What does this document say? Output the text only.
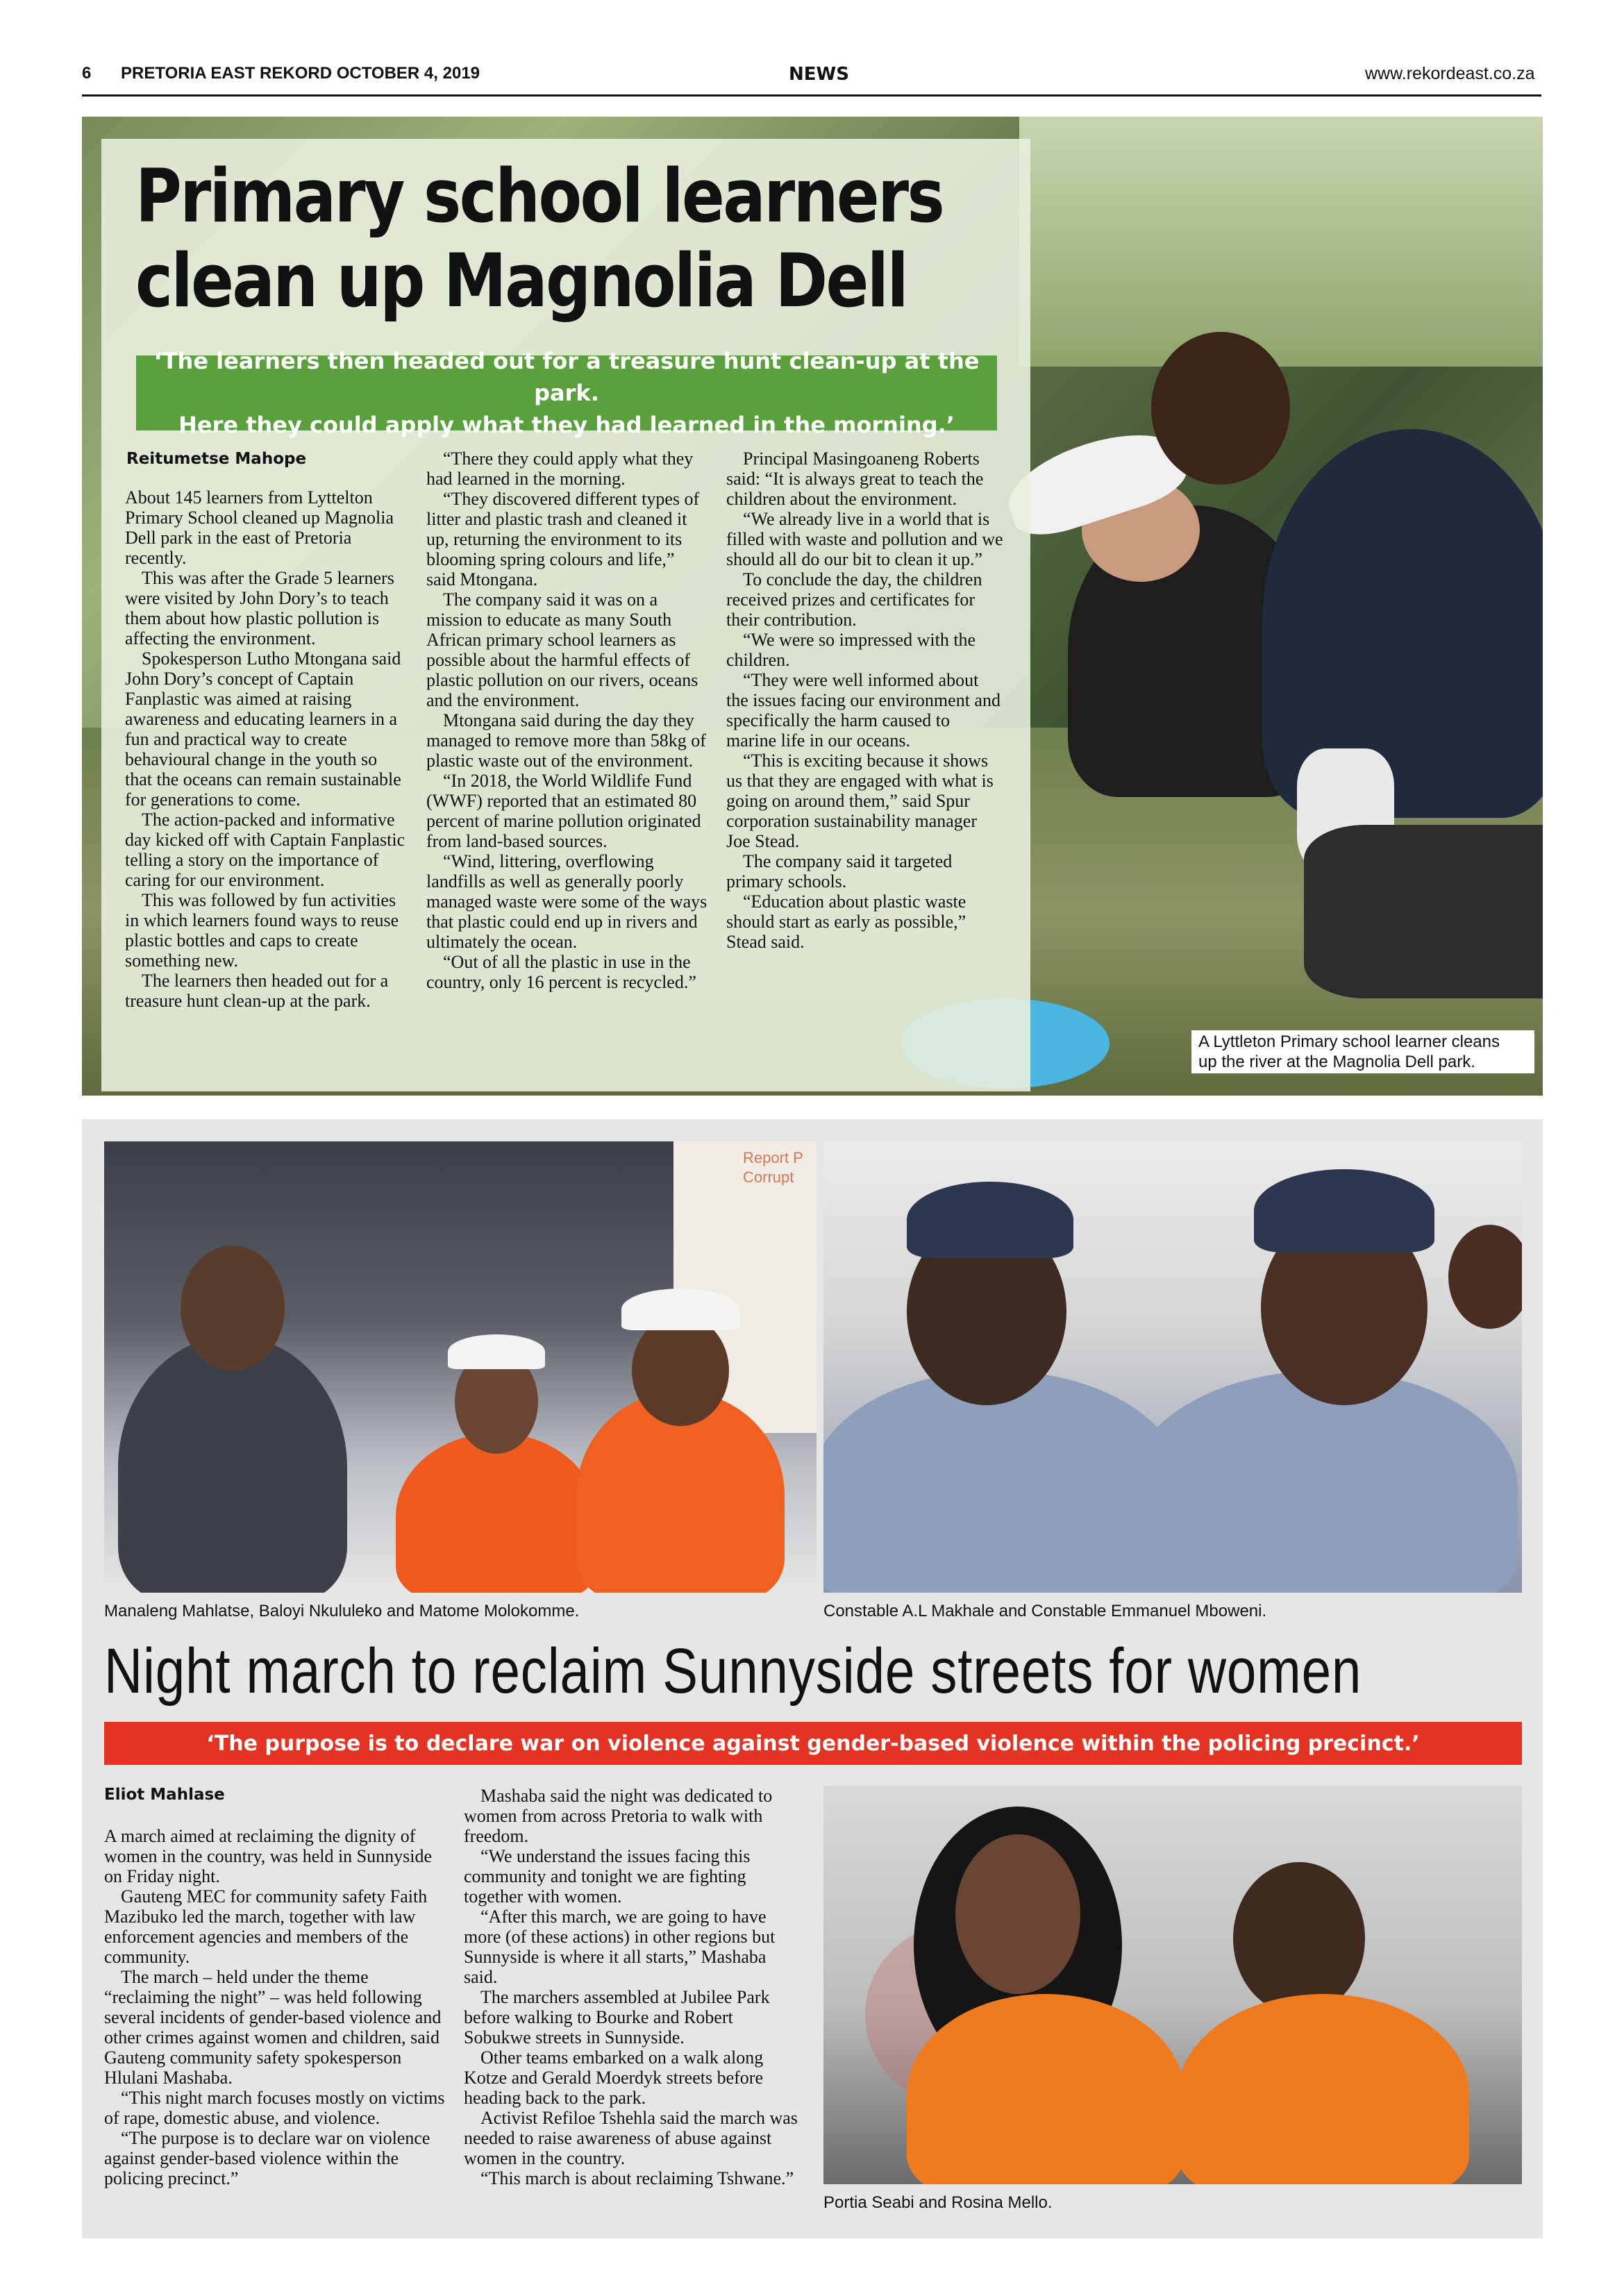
6 PRETORIA EAST REKORD OCTOBER 4, 2019	NEWS	www.rekordeast.co.za
Primary school learners
clean up Magnolia Dell
‘The learners then headed out for a treasure hunt clean-up at the park.
Here they could apply what they had learned in the morning.’
Reitumetse Mahope

About 145 learners from Lyttelton Primary School cleaned up Magnolia Dell park in the east of Pretoria recently.

This was after the Grade 5 learners were visited by John Dory’s to teach them about how plastic pollution is affecting the environment.

Spokesperson Lutho Mtongana said John Dory’s concept of Captain Fanplastic was aimed at raising awareness and educating learners in a fun and practical way to create behavioural change in the youth so that the oceans can remain sustainable for generations to come.

The action-packed and informative day kicked off with Captain Fanplastic telling a story on the importance of caring for our environment.

This was followed by fun activities in which learners found ways to reuse plastic bottles and caps to create something new.

The learners then headed out for a treasure hunt clean-up at the park.

“There they could apply what they had learned in the morning.

“They discovered different types of litter and plastic trash and cleaned it up, returning the environment to its blooming spring colours and life,” said Mtongana.

The company said it was on a mission to educate as many South African primary school learners as possible about the harmful effects of plastic pollution on our rivers, oceans and the environment.

Mtongana said during the day they managed to remove more than 58kg of plastic waste out of the environment.

“In 2018, the World Wildlife Fund (WWF) reported that an estimated 80 percent of marine pollution originated from land-based sources.

“Wind, littering, overflowing landfills as well as generally poorly managed waste were some of the ways that plastic could end up in rivers and ultimately the ocean.

“Out of all the plastic in use in the country, only 16 percent is recycled.”

Principal Masingoaneng Roberts said: “It is always great to teach the children about the environment.

“We already live in a world that is filled with waste and pollution and we should all do our bit to clean it up.”

To conclude the day, the children received prizes and certificates for their contribution.

“We were so impressed with the children.

“They were well informed about the issues facing our environment and specifically the harm caused to marine life in our oceans.

“This is exciting because it shows us that they are engaged with what is going on around them,” said Spur corporation sustainability manager Joe Stead.

The company said it targeted primary schools.

“Education about plastic waste should start as early as possible,” Stead said.

A Lyttleton Primary school learner cleans
up the river at the Magnolia Dell park.
Report P
Corrupt
Manaleng Mahlatse, Baloyi Nkululeko and Matome Molokomme.	Constable A.L Makhale and Constable Emmanuel Mboweni.
Night march to reclaim Sunnyside streets for women
‘The purpose is to declare war on violence against gender-based violence within the policing precinct.’
Eliot Mahlase

A march aimed at reclaiming the dignity of women in the country, was held in Sunnyside on Friday night.

Gauteng MEC for community safety Faith Mazibuko led the march, together with law enforcement agencies and members of the community.

The march – held under the theme “reclaiming the night” – was held following several incidents of gender-based violence and other crimes against women and children, said Gauteng community safety spokesperson Hlulani Mashaba.

“This night march focuses mostly on victims of rape, domestic abuse, and violence.

“The purpose is to declare war on violence against gender-based violence within the policing precinct.”

Mashaba said the night was dedicated to women from across Pretoria to walk with freedom.

“We understand the issues facing this community and tonight we are fighting together with women.

“After this march, we are going to have more (of these actions) in other regions but Sunnyside is where it all starts,” Mashaba said.

The marchers assembled at Jubilee Park before walking to Bourke and Robert Sobukwe streets in Sunnyside.

Other teams embarked on a walk along Kotze and Gerald Moerdyk streets before heading back to the park.

Activist Refiloe Tshehla said the march was needed to raise awareness of abuse against women in the country.

“This march is about reclaiming Tshwane.”

Portia Seabi and Rosina Mello.
